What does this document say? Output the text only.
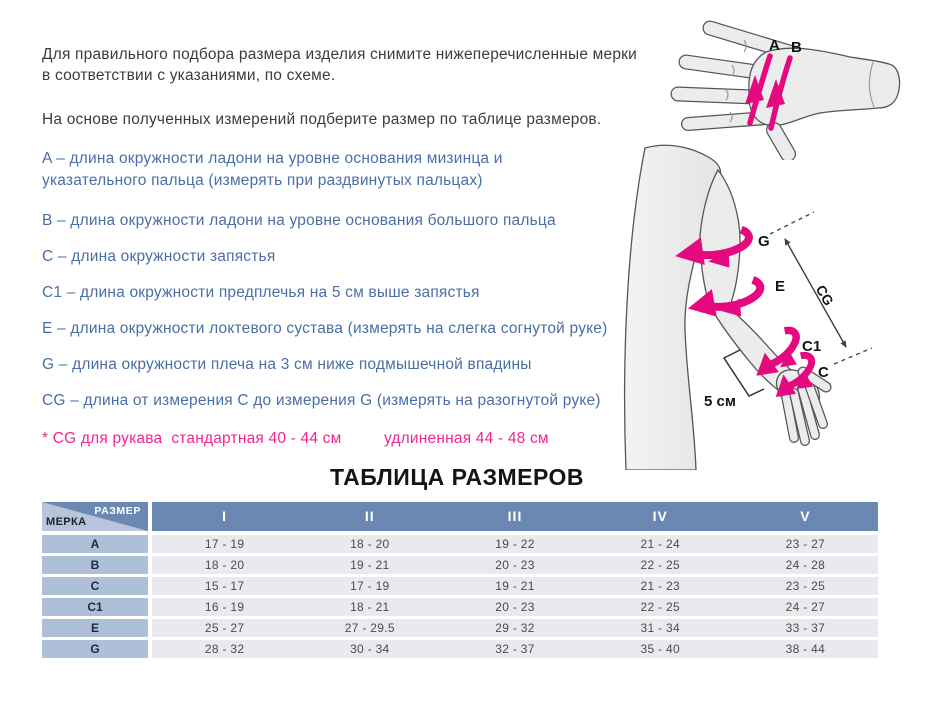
Для правильного подбора размера изделия снимите нижеперечисленные мерки в соответствии с указаниями, по схеме.

На основе полученных измерений подберите размер по таблице размеров.

A – длина окружности ладони на уровне основания мизинца и указательного пальца (измерять при раздвинутых пальцах)

B – длина окружности ладони на уровне основания большого пальца

C – длина окружности запястья

C1 – длина окружности предплечья на 5 см выше запястья

E – длина окружности локтевого сустава (измерять на слегка согнутой руке)

G – длина окружности плеча на 3 см ниже подмышечной впадины

CG – длина от измерения C до измерения G (измерять на разогнутой руке)

* CG для рукава  стандартная 40 - 44 см	удлиненная 44 - 48 см

ТАБЛИЦА РАЗМЕРОВ
РАЗМЕР
МЕРКА	I	II	III	IV	V
A	17 - 19	18 - 20	19 - 22	21 - 24	23 - 27
B	18 - 20	19 - 21	20 - 23	22 - 25	24 - 28
C	15 - 17	17 - 19	19 - 21	21 - 23	23 - 25
C1	16 - 19	18 - 21	20 - 23	22 - 25	24 - 27
E	25 - 27	27 - 29.5	29 - 32	31 - 34	33 - 37
G	28 - 32	30 - 34	32 - 37	35 - 40	38 - 44
A B
G
E
C1
C
5 см
CG
